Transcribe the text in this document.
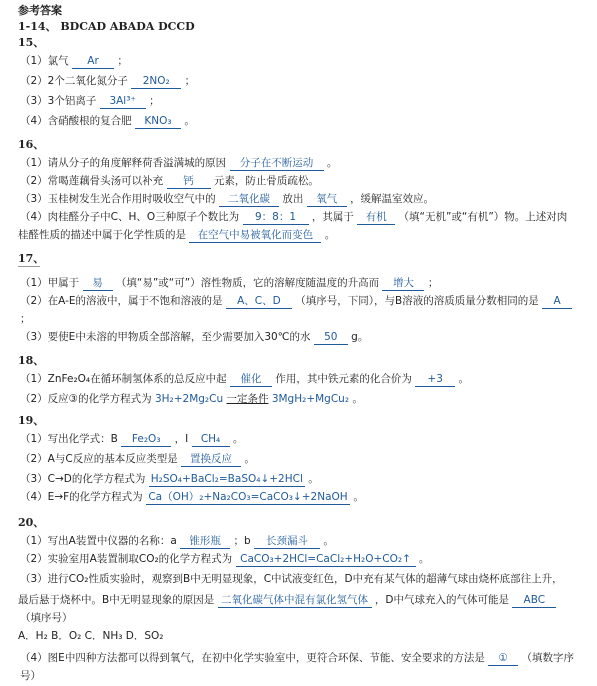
参考答案
1-14、 BDCAD ABADA DCCD
15、
（1）氯气 Ar ；
（2）2个二氧化氮分子 2NO₂ ；
（3）3个铝离子 3Al³⁺ ；
（4）含硝酸根的复合肥 KNO₃ 。
16、
（1）请从分子的角度解释荷香溢满城的原因 分子在不断运动 。
（2）常喝莲藕骨头汤可以补充 钙 元素，防止骨质疏松。
（3）玉桂树发生光合作用时吸收空气中的 二氧化碳 放出 氧气 ，缓解温室效应。
（4）肉桂醛分子中C、H、O三种原子个数比为 9：8：1 ，其属于 有机 （填“无机”或“有机”）物。上述对肉
桂醛性质的描述中属于化学性质的是 在空气中易被氧化而变色 。
17、
（1）甲属于 易 （填“易”或“可”）溶性物质，它的溶解度随温度的升高而 增大 ；
（2）在A-E的溶液中，属于不饱和溶液的是 A、C、D （填序号，下同），与B溶液的溶质质量分数相同的是 A
；
（3）要使E中未溶的甲物质全部溶解，至少需要加入30℃的水 50 g。
18、
（1）ZnFe₂O₄在循环制氢体系的总反应中起 催化 作用，其中铁元素的化合价为 +3 。
（2）反应③的化学方程式为 3H₂+2Mg₂Cu 一定条件 3MgH₂+MgCu₂ 。
19、
（1）写出化学式：B Fe₂O₃ ，I CH₄ 。
（2）A与C反应的基本反应类型是 置换反应 。
（3）C→D的化学方程式为 H₂SO₄+BaCl₂=BaSO₄↓+2HCl 。
（4）E→F的化学方程式为 Ca（OH）₂+Na₂CO₃=CaCO₃↓+2NaOH 。
20、
（1）写出A装置中仪器的名称：a 锥形瓶 ；b 长颈漏斗 。
（2）实验室用A装置制取CO₂的化学方程式为 CaCO₃+2HCl=CaCl₂+H₂O+CO₂↑ 。
（3）进行CO₂性质实验时，观察到B中无明显现象，C中试液变红色，D中充有某气体的超薄气球由烧杯底部往上升，
最后悬于烧杯中。B中无明显现象的原因是 二氧化碳气体中混有氯化氢气体 ，D中气球充入的气体可能是 ABC
（填序号）
A．H₂ B．O₂ C．NH₃ D．SO₂
（4）图E中四种方法都可以得到氧气，在初中化学实验室中，更符合环保、节能、安全要求的方法是 ① （填数字序
号）
